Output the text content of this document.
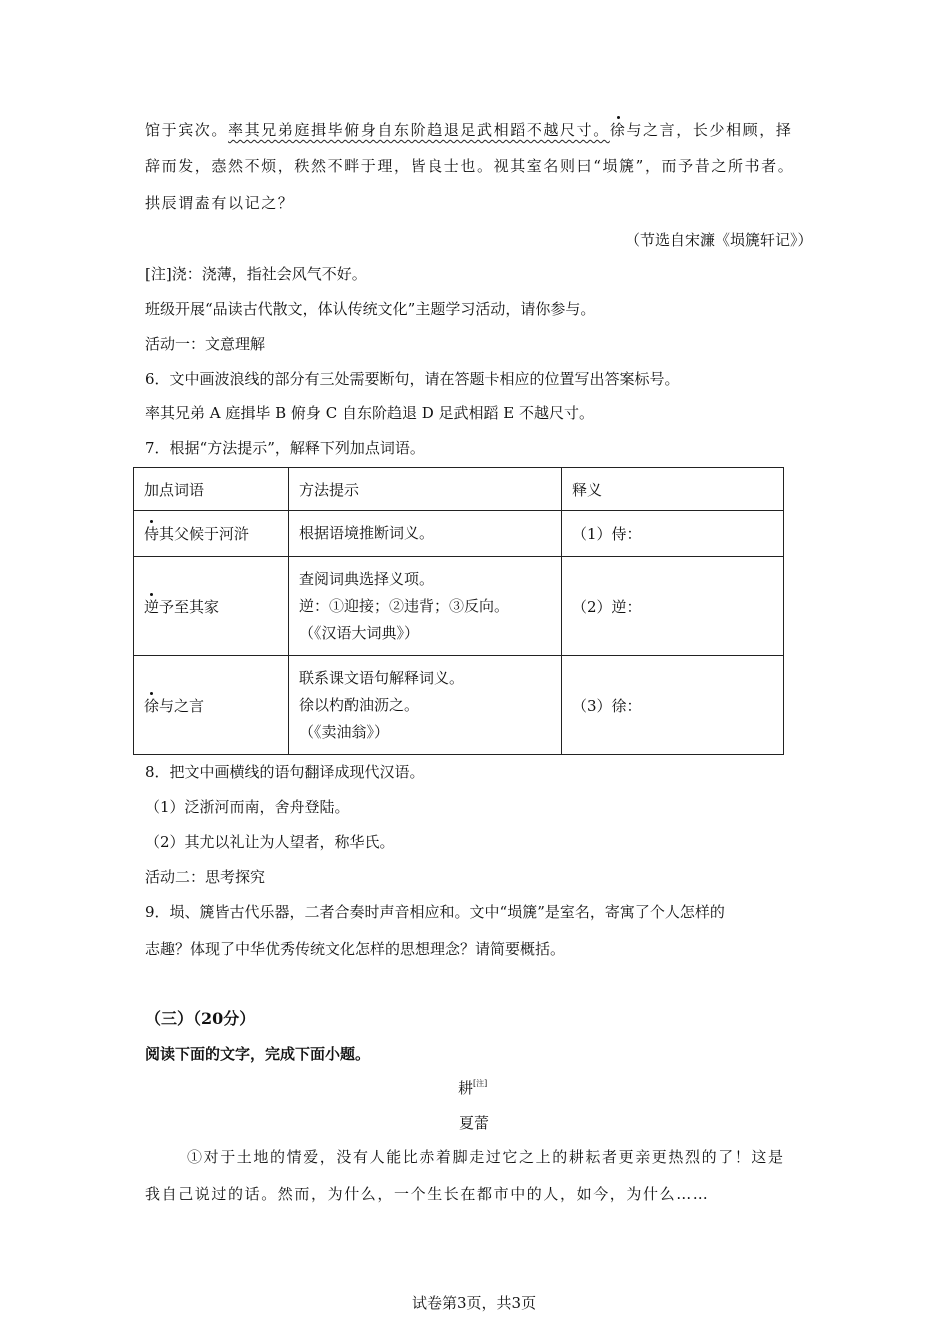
馆于宾次。率其兄弟庭揖毕俯身自东阶趋退足武相蹈不越尺寸。徐与之言，长少相顾，择
辞而发，悫然不烦，秩然不畔于理，皆良士也。视其室名则曰“埙篪”，而予昔之所书者。
拱辰谓盍有以记之？
（节选自宋濂《埙篪轩记》）
[注]浇：浇薄，指社会风气不好。
班级开展“品读古代散文，体认传统文化”主题学习活动，请你参与。
活动一：文意理解
6．文中画波浪线的部分有三处需要断句，请在答题卡相应的位置写出答案标号。
率其兄弟 A 庭揖毕 B 俯身 C 自东阶趋退 D 足武相蹈 E 不越尺寸。
7．根据“方法提示”，解释下列加点词语。
加点词语	方法提示	释义
侍其父候于河浒	根据语境推断词义。	（1）侍：
逆予至其家	查阅词典选择义项。
逆：①迎接；②违背；③反向。
（《汉语大词典》）	（2）逆：
徐与之言	联系课文语句解释词义。
徐以杓酌油沥之。
（《卖油翁》）	（3）徐：
8．把文中画横线的语句翻译成现代汉语。
（1）泛浙河而南，舍舟登陆。
（2）其尤以礼让为人望者，称华氏。
活动二：思考探究
9．埙、篪皆古代乐器，二者合奏时声音相应和。文中“埙篪”是室名，寄寓了个人怎样的
志趣？体现了中华优秀传统文化怎样的思想理念？请简要概括。
（三）（20分）
阅读下面的文字，完成下面小题。
耕[注]
夏蕾
①对于土地的情爱，没有人能比赤着脚走过它之上的耕耘者更亲更热烈的了！这是
我自己说过的话。然而，为什么，一个生长在都市中的人，如今，为什么……
试卷第3页，共3页
